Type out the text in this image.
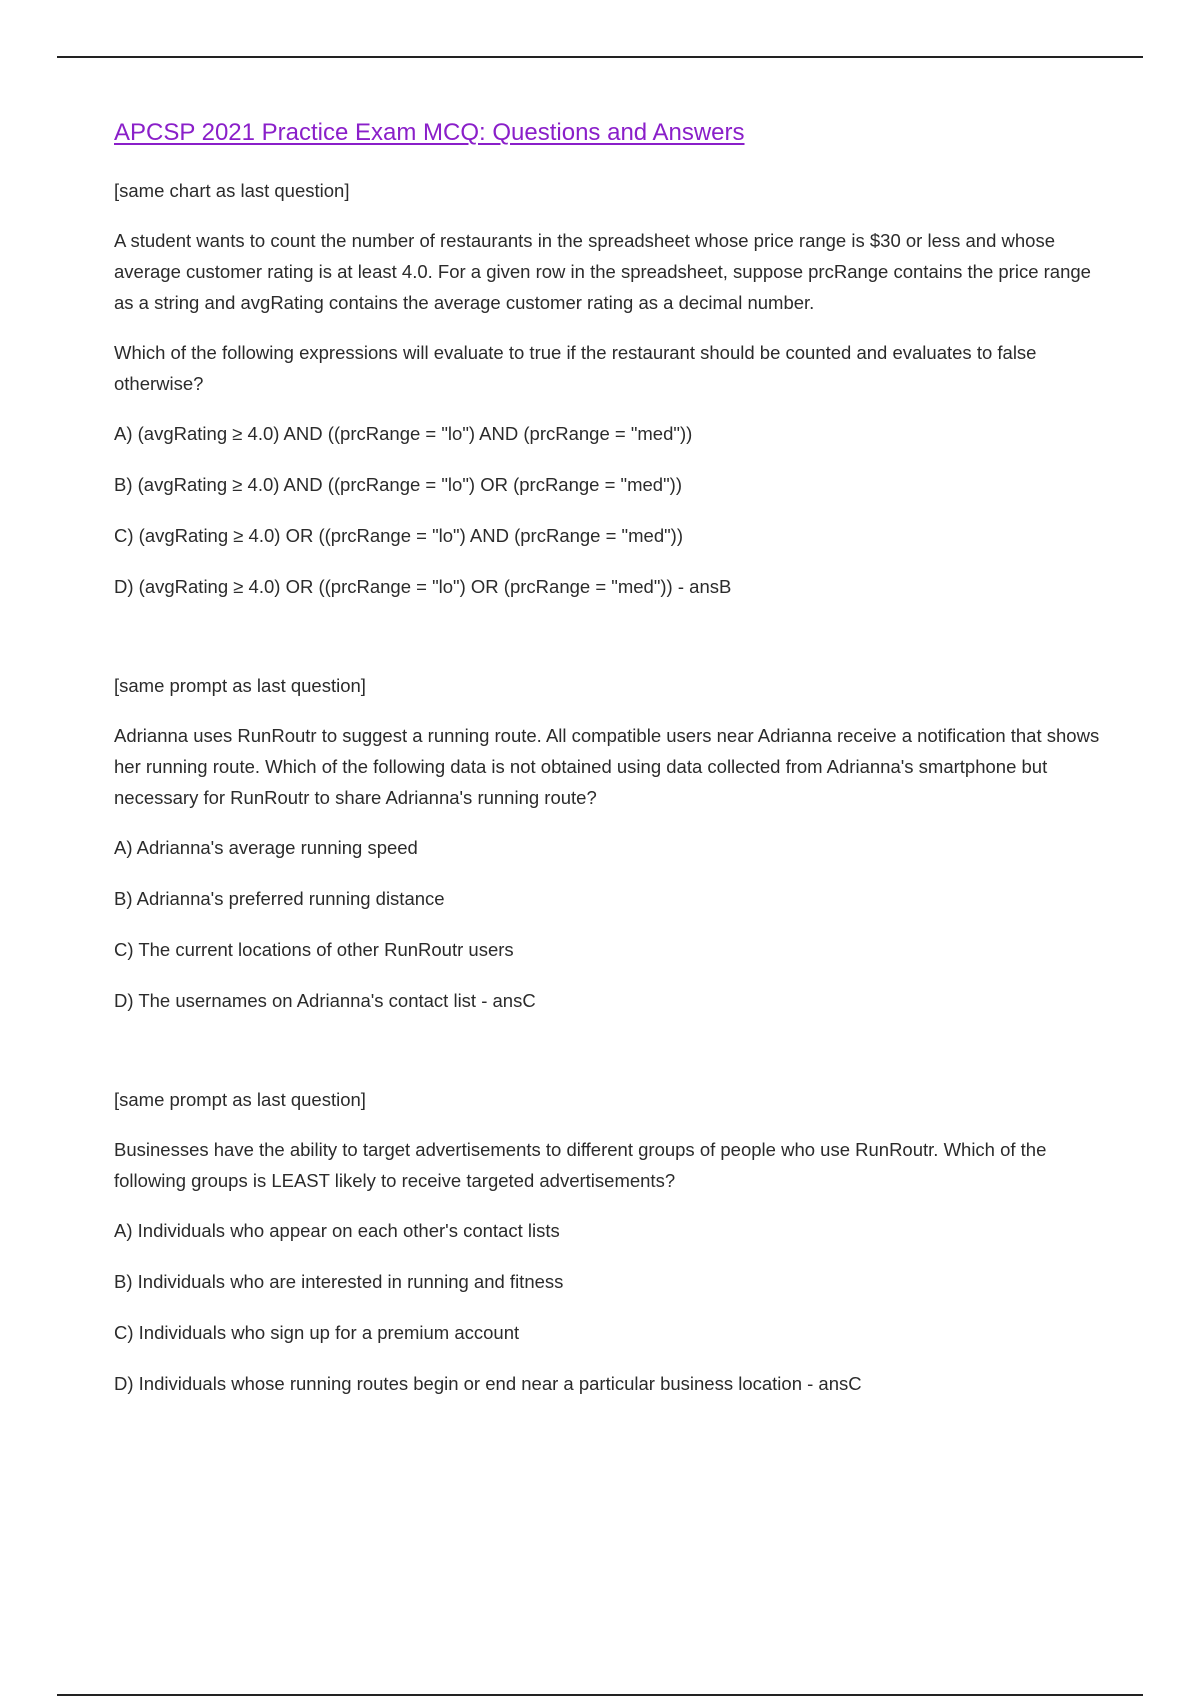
APCSP 2021 Practice Exam MCQ: Questions and Answers
[same chart as last question]
A student wants to count the number of restaurants in the spreadsheet whose price range is $30 or less and whose average customer rating is at least 4.0. For a given row in the spreadsheet, suppose prcRange contains the price range as a string and avgRating contains the average customer rating as a decimal number.
Which of the following expressions will evaluate to true if the restaurant should be counted and evaluates to false otherwise?
A) (avgRating ≥ 4.0) AND ((prcRange = "lo") AND (prcRange = "med"))
B) (avgRating ≥ 4.0) AND ((prcRange = "lo") OR (prcRange = "med"))
C) (avgRating ≥ 4.0) OR ((prcRange = "lo") AND (prcRange = "med"))
D) (avgRating ≥ 4.0) OR ((prcRange = "lo") OR (prcRange = "med")) - ansB
[same prompt as last question]
Adrianna uses RunRoutr to suggest a running route. All compatible users near Adrianna receive a notification that shows her running route. Which of the following data is not obtained using data collected from Adrianna's smartphone but necessary for RunRoutr to share Adrianna's running route?
A) Adrianna's average running speed
B) Adrianna's preferred running distance
C) The current locations of other RunRoutr users
D) The usernames on Adrianna's contact list - ansC
[same prompt as last question]
Businesses have the ability to target advertisements to different groups of people who use RunRoutr. Which of the following groups is LEAST likely to receive targeted advertisements?
A) Individuals who appear on each other's contact lists
B) Individuals who are interested in running and fitness
C) Individuals who sign up for a premium account
D) Individuals whose running routes begin or end near a particular business location - ansC
